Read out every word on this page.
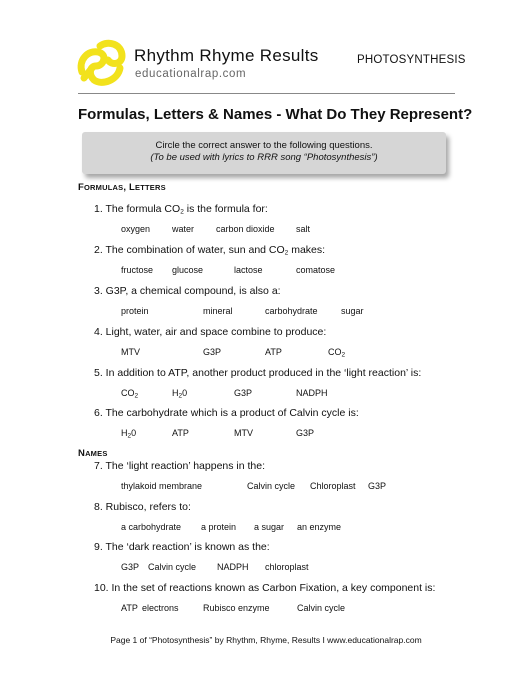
Rhythm Rhyme Results
educationalrap.com
PHOTOSYNTHESIS
Formulas, Letters & Names - What Do They Represent?
Circle the correct answer to the following questions.
(To be used with lyrics to RRR song “Photosynthesis”)
FORMULAS, LETTERS
1. The formula $CO_2$ is the formula for:
oxygen water carbon dioxide salt
2. The combination of water, sun and $CO_2$ makes:
fructose glucose	lactose	comatose
3. G3P, a chemical compound, is also a:
protein	mineral	carbohydrate	sugar
4. Light, water, air and space combine to produce:
MTV	G3P	ATP	$CO_2$
5. In addition to ATP, another product produced in the ‘light reaction’ is:
$CO_2$	$H_20$	G3P	NADPH
6. The carbohydrate which is a product of Calvin cycle is:
$H_20$	ATP	MTV	G3P
NAMES
7. The ‘light reaction’ happens in the:
thylakoid membrane	Calvin cycle Chloroplast G3P
8. Rubisco, refers to:
a carbohydrate a protein a sugar an enzyme
9. The ‘dark reaction’ is known as the:
G3P Calvin cycle NADPH chloroplast
10. In the set of reactions known as Carbon Fixation, a key component is:
ATP electrons	Rubisco enzyme	Calvin cycle
Page 1 of “Photosynthesis” by Rhythm, Rhyme, Results I www.educationalrap.com
